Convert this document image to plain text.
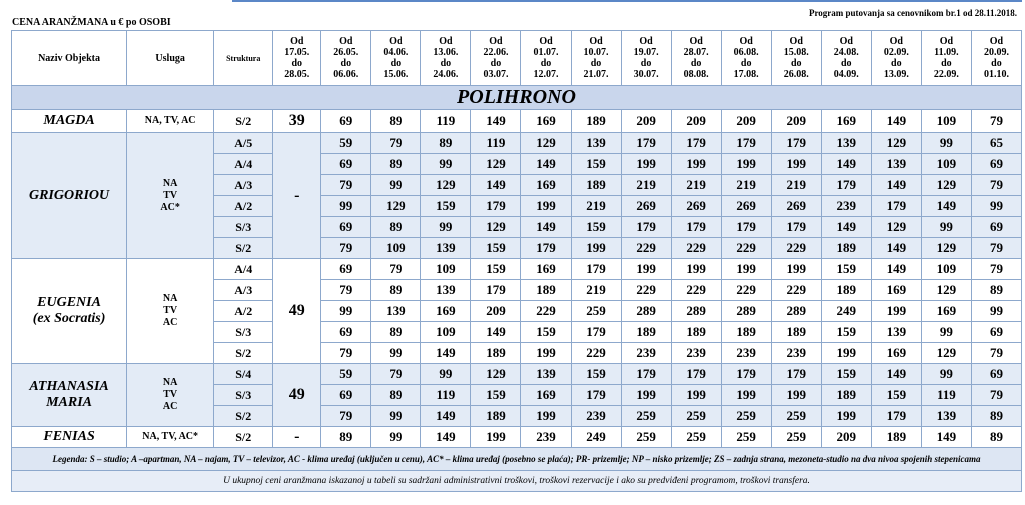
CENA ARANŽMANA u € po OSOBI
Program putovanja sa cenovnikom br.1 od 28.11.2018.
Naziv Objekta	Usluga	Struktura	Od
17.05.
do
28.05.	Od
26.05.
do
06.06.	Od
04.06.
do
15.06.	Od
13.06.
do
24.06.	Od
22.06.
do
03.07.	Od
01.07.
do
12.07.	Od
10.07.
do
21.07.	Od
19.07.
do
30.07.	Od
28.07.
do
08.08.	Od
06.08.
do
17.08.	Od
15.08.
do
26.08.	Od
24.08.
do
04.09.	Od
02.09.
do
13.09.	Od
11.09.
do
22.09.	Od
20.09.
do
01.10.
POLIHRONO																	
MAGDA	NA, TV, AC	S/2	39	69	89	119	149	169	189	209	209	209	209	169	149	109	79
GRIGORIOU	NA
TV
AC*	A/5	-	59	79	89	119	129	139	179	179	179	179	139	129	99	65
		A/4		69	89	99	129	149	159	199	199	199	199	149	139	109	69
		A/3		79	99	129	149	169	189	219	219	219	219	179	149	129	79
		A/2		99	129	159	179	199	219	269	269	269	269	239	179	149	99
		S/3		69	89	99	129	149	159	179	179	179	179	149	129	99	69
		S/2		79	109	139	159	179	199	229	229	229	229	189	149	129	79
EUGENIA
(ex Socratis)	NA
TV
AC	A/4	49	69	79	109	159	169	179	199	199	199	199	159	149	109	79
		A/3		79	89	139	179	189	219	229	229	229	229	189	169	129	89
		A/2		99	139	169	209	229	259	289	289	289	289	249	199	169	99
		S/3		69	89	109	149	159	179	189	189	189	189	159	139	99	69
		S/2		79	99	149	189	199	229	239	239	239	239	199	169	129	79
ATHANASIA
MARIA	NA
TV
AC	S/4	49	59	79	99	129	139	159	179	179	179	179	159	149	99	69
		S/3		69	89	119	159	169	179	199	199	199	199	189	159	119	79
		S/2		79	99	149	189	199	239	259	259	259	259	199	179	139	89
FENIAS	NA, TV, AC*	S/2	-	89	99	149	199	239	249	259	259	259	259	209	189	149	89
Legenda: S – studio; A –apartman, NA – najam, TV – televizor, AC - klima uređaj (uključen u cenu), AC* – klima uređaj (posebno se plaća); PR- prizemlje; NP – nisko prizemlje; ZS – zadnja strana, mezoneta-studio na dva nivoa spojenih stepenicama																	
U ukupnoj ceni aranžmana iskazanoj u tabeli su sadržani administrativni troškovi, troškovi rezervacije i ako su predviđeni programom, troškovi transfera.																	
